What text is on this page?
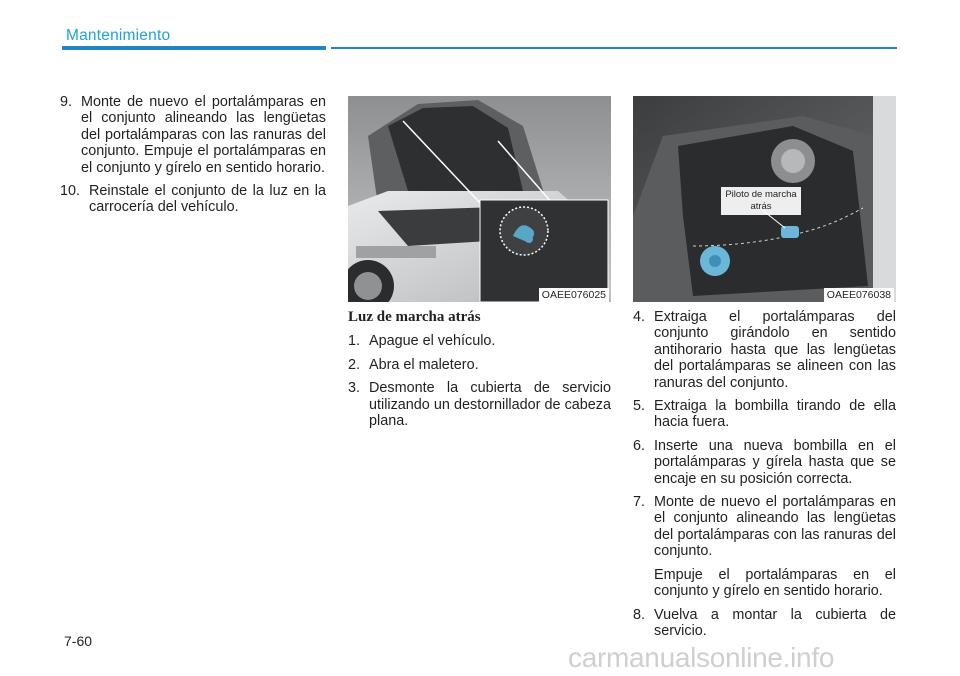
Mantenimiento
9. Monte de nuevo el portalámparas en el conjunto alineando las lengüetas del portalámparas con las ranuras del conjunto. Empuje el portalámparas en el conjunto y gírelo en sentido horario.
10. Reinstale el conjunto de la luz en la carrocería del vehículo.
OAEE076025
Piloto de marcha atrás
OAEE076038
Luz de marcha atrás
1. Apague el vehículo.
2. Abra el maletero.
3. Desmonte la cubierta de servicio utilizando un destornillador de cabeza plana.
4. Extraiga el portalámparas del conjunto girándolo en sentido antihorario hasta que las lengüetas del portalámparas se alineen con las ranuras del conjunto.
5. Extraiga la bombilla tirando de ella hacia fuera.
6. Inserte una nueva bombilla en el portalámparas y gírela hasta que se encaje en su posición correcta.
7. Monte de nuevo el portalámparas en el conjunto alineando las lengüetas del portalámparas con las ranuras del conjunto.
Empuje el portalámparas en el conjunto y gírelo en sentido horario.
8. Vuelva a montar la cubierta de servicio.
7-60
carmanualsonline.info
